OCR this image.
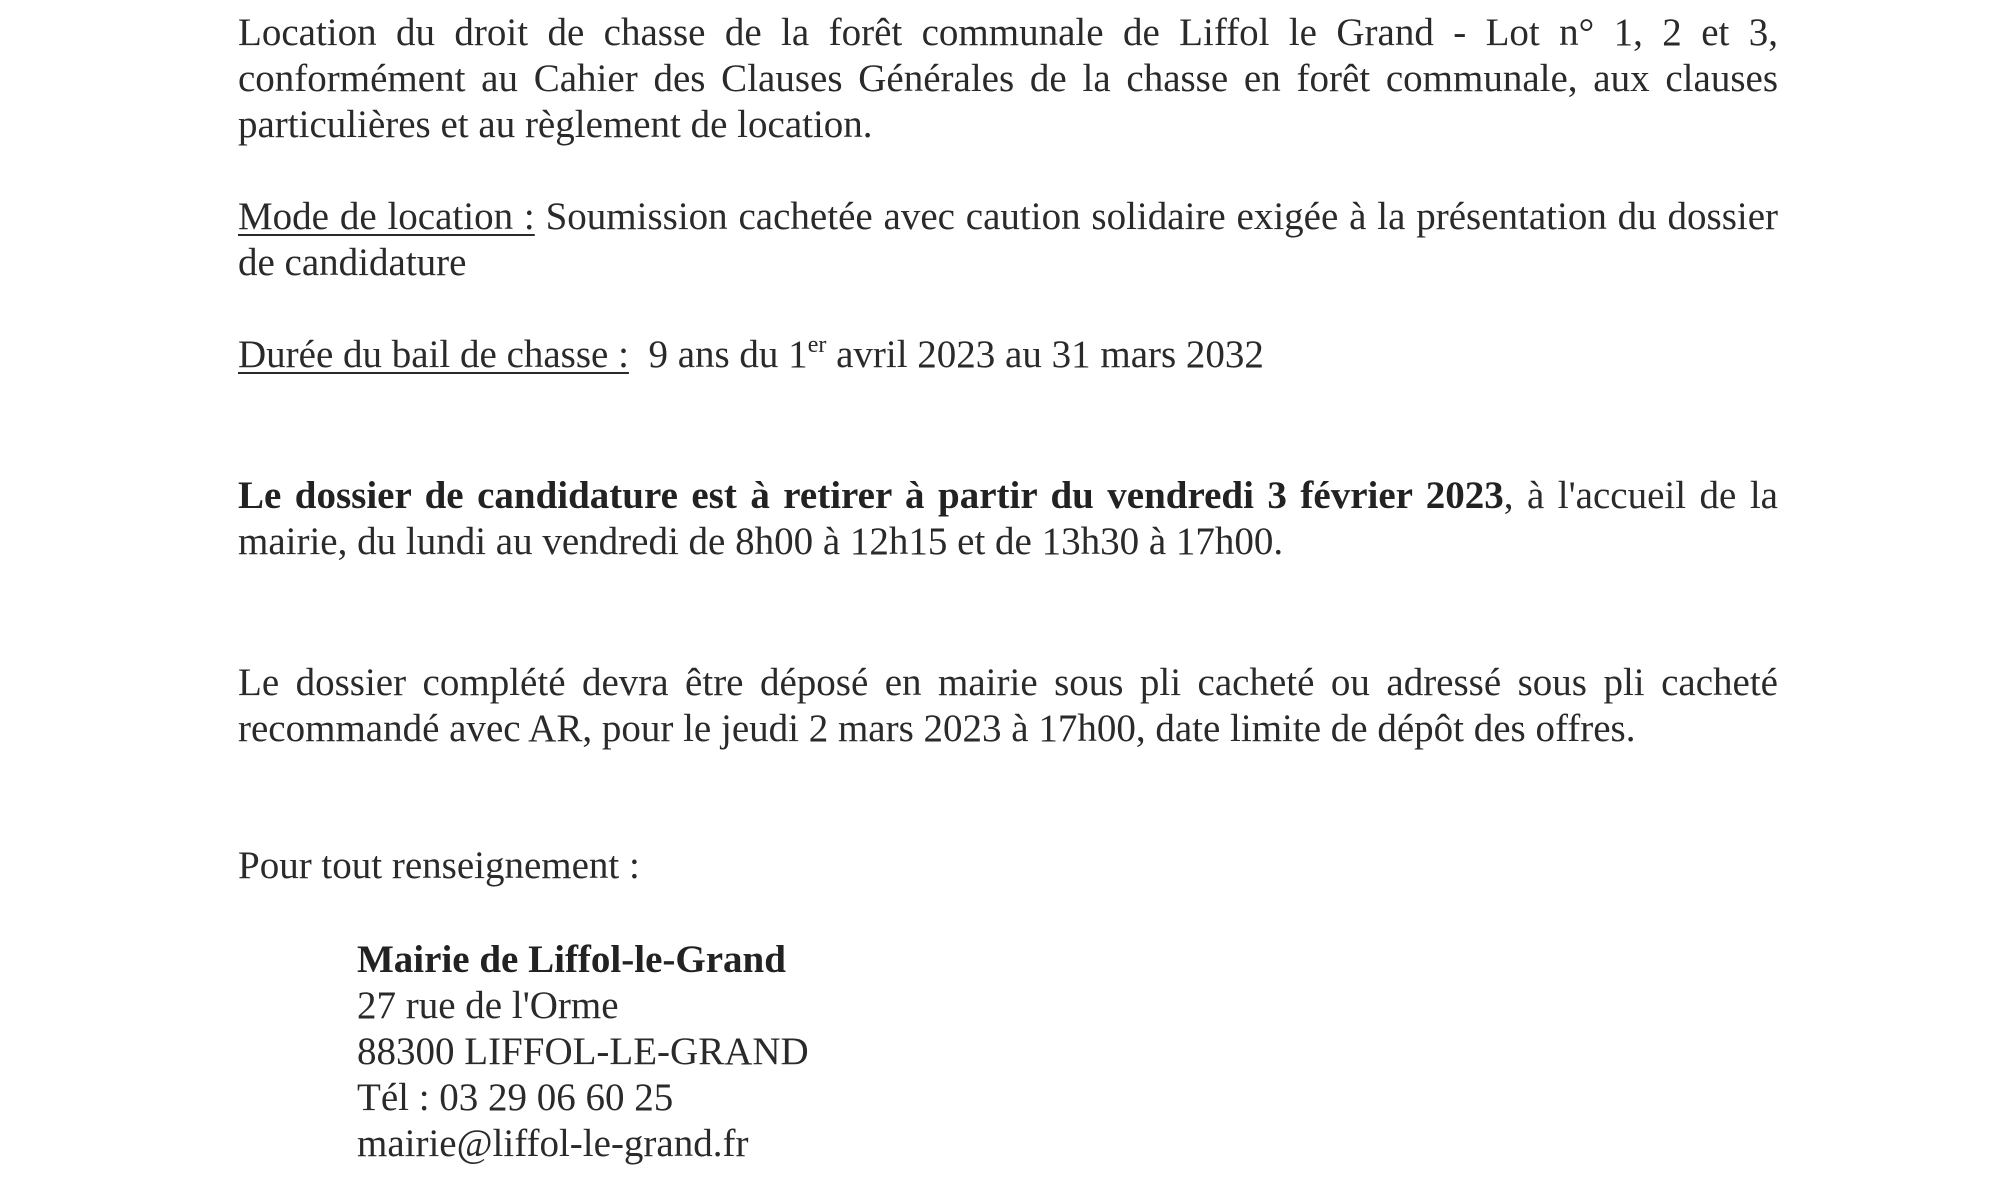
Location du droit de chasse de la forêt communale de Liffol le Grand - Lot n° 1, 2 et 3, conformément au Cahier des Clauses Générales de la chasse en forêt communale, aux clauses particulières et au règlement de location.

Mode de location : Soumission cachetée avec caution solidaire exigée à la présentation du dossier de candidature

Durée du bail de chasse : 9 ans du 1er avril 2023 au 31 mars 2032

Le dossier de candidature est à retirer à partir du vendredi 3 février 2023, à l'accueil de la mairie, du lundi au vendredi de 8h00 à 12h15 et de 13h30 à 17h00.

Le dossier complété devra être déposé en mairie sous pli cacheté ou adressé sous pli cacheté recommandé avec AR, pour le jeudi 2 mars 2023 à 17h00, date limite de dépôt des offres.

Pour tout renseignement :

Mairie de Liffol-le-Grand
27 rue de l'Orme
88300 LIFFOL-LE-GRAND
Tél : 03 29 06 60 25
mairie@liffol-le-grand.fr
